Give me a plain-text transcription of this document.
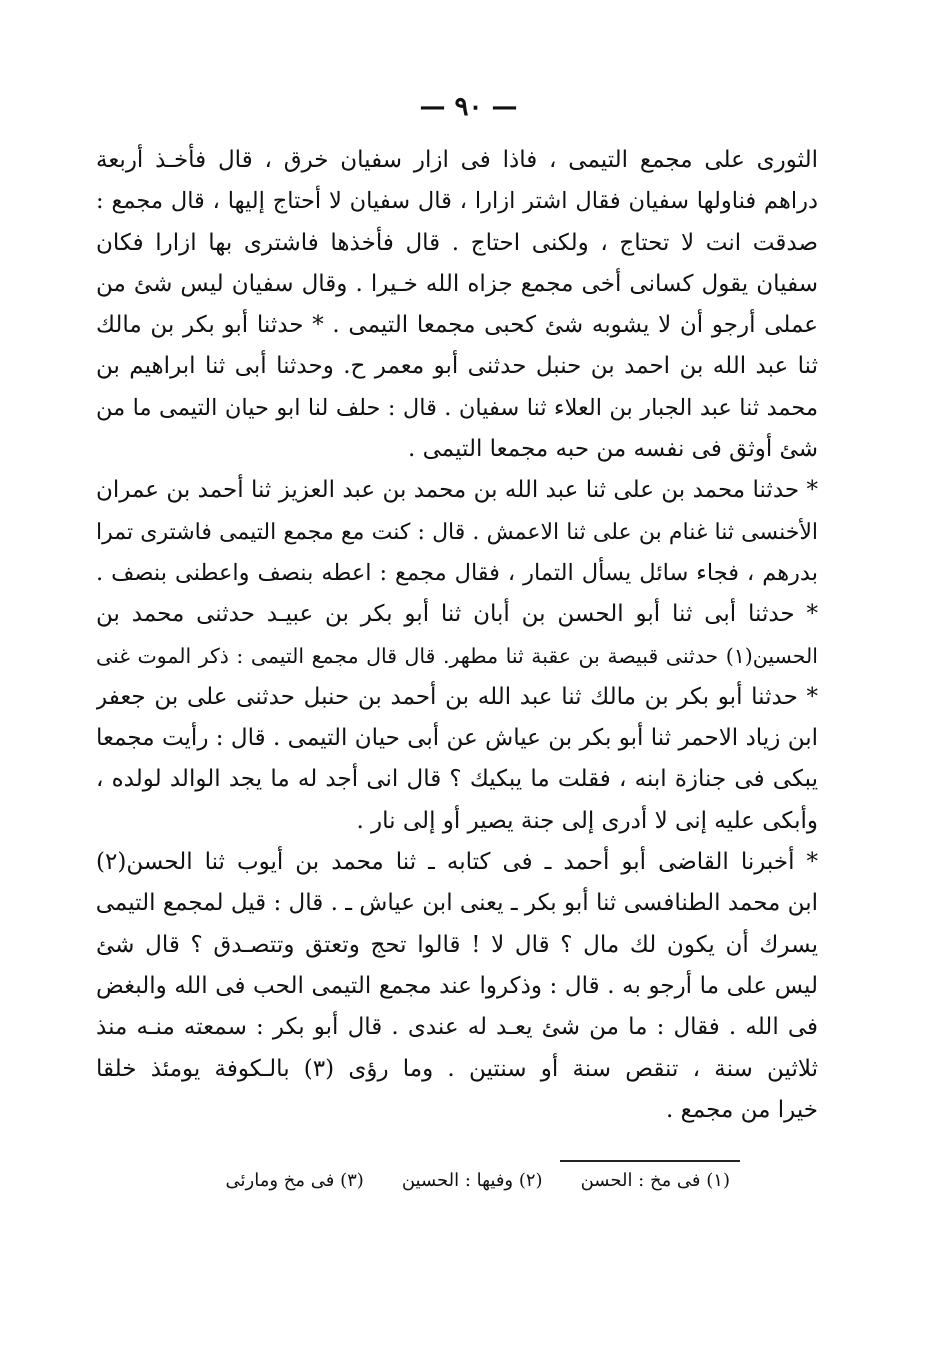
— ٩٠ —
الثورى على مجمع التيمى ، فاذا فى ازار سفيان خرق ، قال فأخـذ أربعة
دراهم فناولها سفيان فقال اشتر ازارا ، قال سفيان لا أحتاج إليها ، قال مجمع :
صدقت انت لا تحتاج ، ولكنى احتاج . قال فأخذها فاشترى بها ازارا فكان
سفيان يقول كسانى أخى مجمع جزاه الله خـيرا . وقال سفيان ليس شئ من
عملى أرجو أن لا يشوبه شئ كحبى مجمعا التيمى . * حدثنا أبو بكر بن مالك
ثنا عبد الله بن احمد بن حنبل حدثنى أبو معمر ح. وحدثنا أبى ثنا ابراهيم بن
محمد ثنا عبد الجبار بن العلاء ثنا سفيان . قال : حلف لنا ابو حيان التيمى ما من
شئ أوثق فى نفسه من حبه مجمعا التيمى .
* حدثنا محمد بن على ثنا عبد الله بن محمد بن عبد العزيز ثنا أحمد بن عمران
الأخنسى ثنا غنام بن على ثنا الاعمش . قال : كنت مع مجمع التيمى فاشترى تمرا
بدرهم ، فجاء سائل يسأل التمار ، فقال مجمع : اعطه بنصف واعطنى بنصف .
* حدثنا أبى ثنا أبو الحسن بن أبان ثنا أبو بكر بن عبيـد حدثنى محمد بن
الحسين(١) حدثنى قبيصة بن عقبة ثنا مطهر. قال قال مجمع التيمى : ذكر الموت غنى
* حدثنا أبو بكر بن مالك ثنا عبد الله بن أحمد بن حنبل حدثنى على بن جعفر
ابن زياد الاحمر ثنا أبو بكر بن عياش عن أبى حيان التيمى . قال : رأيت مجمعا
يبكى فى جنازة ابنه ، فقلت ما يبكيك ؟ قال انى أجد له ما يجد الوالد لولده ،
وأبكى عليه إنى لا أدرى إلى جنة يصير أو إلى نار .
* أخبرنا القاضى أبو أحمد ـ فى كتابه ـ ثنا محمد بن أيوب ثنا الحسن(٢)
ابن محمد الطنافسى ثنا أبو بكر ـ يعنى ابن عياش ـ . قال : قيل لمجمع التيمى
يسرك أن يكون لك مال ؟ قال لا ! قالوا تحج وتعتق وتتصـدق ؟ قال شئ
ليس على ما أرجو به . قال : وذكروا عند مجمع التيمى الحب فى الله والبغض
فى الله . فقال : ما من شئ يعـد له عندى . قال أبو بكر : سمعته منـه منذ
ثلاثين سنة ، تنقص سنة أو سنتين . وما رؤى (٣) بالـكوفة يومئذ خلقا
خيرا من مجمع .
(١) فى مخ : الحسن
(٢) وفيها : الحسين
(٣) فى مخ ومارئى
